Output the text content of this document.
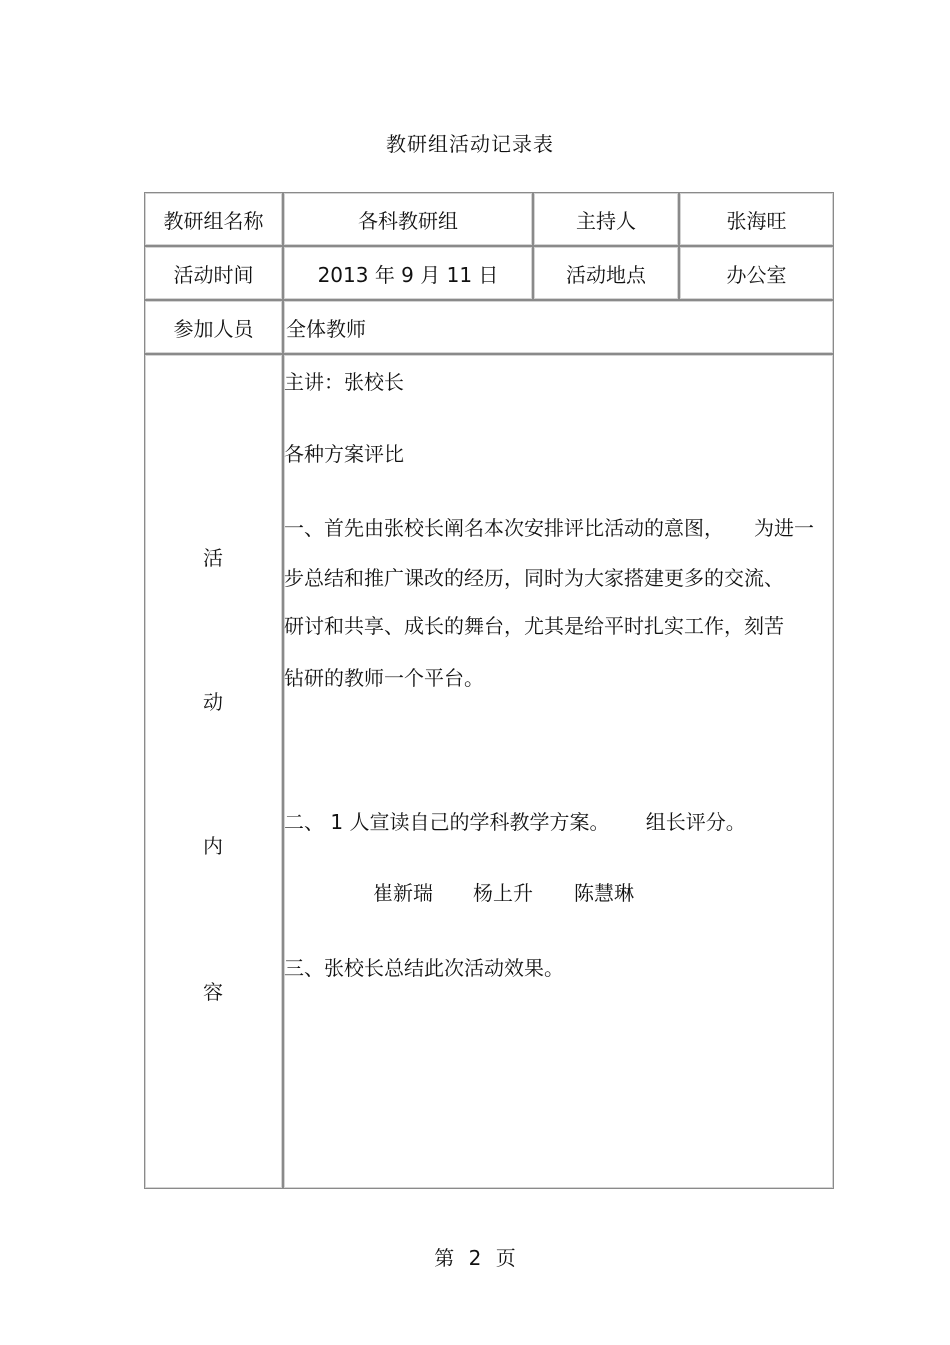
教研组活动记录表
教研组名称	各科教研组	主持人	张海旺
活动时间	2013 年 9 月 11 日	活动地点	办公室
参加人员	全体教师
活
动
内
容
主讲：张校长
各种方案评比
一、首先由张校长阐名本次安排评比活动的意图，　　为进一
步总结和推广课改的经历，同时为大家搭建更多的交流、
研讨和共享、成长的舞台，尤其是给平时扎实工作，刻苦
钻研的教师一个平台。
二、 1 人宣读自己的学科教学方案。　　 组长评分。
崔新瑞 杨上升 陈慧琳
三、张校长总结此次活动效果。
第 2 页
